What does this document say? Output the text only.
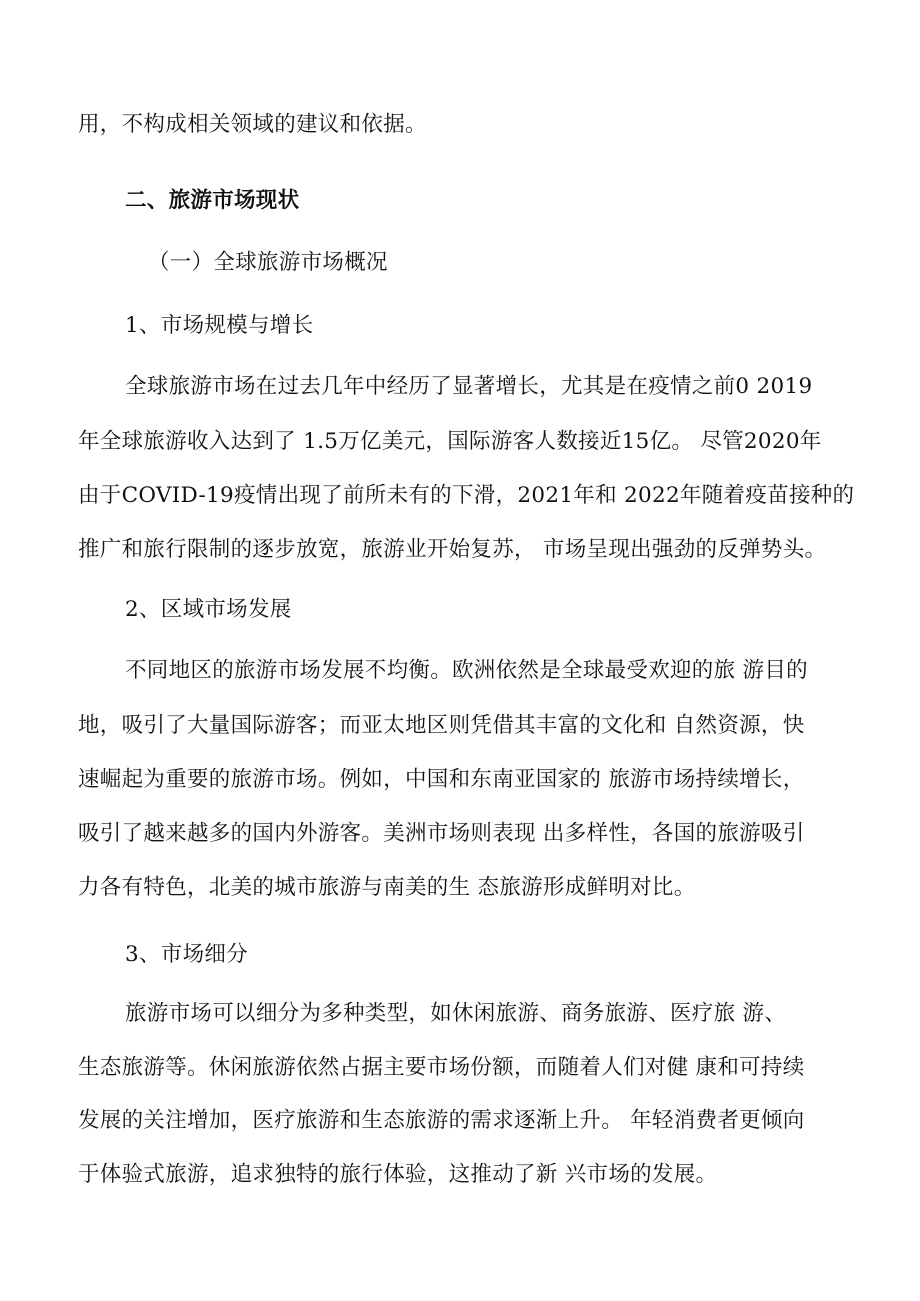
用，不构成相关领域的建议和依据。
二、旅游市场现状
（一）全球旅游市场概况
1、市场规模与增长
全球旅游市场在过去几年中经历了显著增长，尤其是在疫情之前0 2019
年全球旅游收入达到了 1.5万亿美元，国际游客人数接近15亿。 尽管2020年
由于COVID-19疫情出现了前所未有的下滑，2021年和 2022年随着疫苗接种的
推广和旅行限制的逐步放宽，旅游业开始复苏， 市场呈现出强劲的反弹势头。
2、区域市场发展
不同地区的旅游市场发展不均衡。欧洲依然是全球最受欢迎的旅 游目的
地，吸引了大量国际游客；而亚太地区则凭借其丰富的文化和 自然资源，快
速崛起为重要的旅游市场。例如，中国和东南亚国家的 旅游市场持续增长，
吸引了越来越多的国内外游客。美洲市场则表现 出多样性，各国的旅游吸引
力各有特色，北美的城市旅游与南美的生 态旅游形成鲜明对比。
3、市场细分
旅游市场可以细分为多种类型，如休闲旅游、商务旅游、医疗旅 游、
生态旅游等。休闲旅游依然占据主要市场份额，而随着人们对健 康和可持续
发展的关注增加，医疗旅游和生态旅游的需求逐渐上升。 年轻消费者更倾向
于体验式旅游，追求独特的旅行体验，这推动了新 兴市场的发展。
